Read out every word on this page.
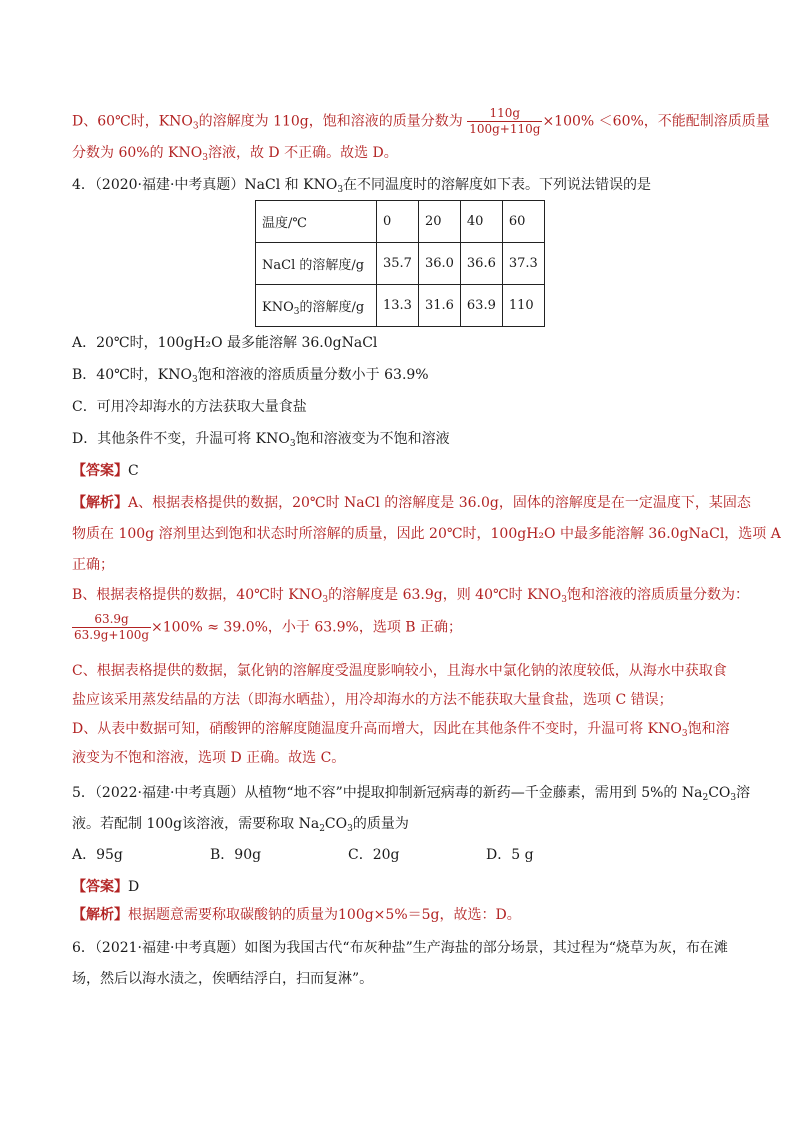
D、60℃时，$KNO_3$的溶解度为 110g，饱和溶液的质量分数为 $\frac{110g}{100g+110g} \times 100\% <60\%$，不能配制溶质质量
分数为 60%的 $KNO_3$溶液，故 D 不正确。故选 D。
4．（2020·福建·中考真题）NaCl 和 $KNO_3$在不同温度时的溶解度如下表。下列说法错误的是
温度/℃	0	20	40	60
NaCl 的溶解度/g	35.7	36.0	36.6	37.3
$KNO_3$的溶解度/g	13.3	31.6	63.9	110
A．20℃时，100gH₂O 最多能溶解 36.0gNaCl
B．40℃时，$KNO_3$饱和溶液的溶质质量分数小于 63.9%
C．可用冷却海水的方法获取大量食盐
D．其他条件不变，升温可将 $KNO_3$饱和溶液变为不饱和溶液
【答案】C
【解析】A、根据表格提供的数据，20℃时 NaCl 的溶解度是 36.0g，固体的溶解度是在一定温度下，某固态
物质在 100g 溶剂里达到饱和状态时所溶解的质量，因此 20℃时，100gH₂O 中最多能溶解 36.0gNaCl，选项 A
正确；
B、根据表格提供的数据，40℃时 $KNO_3$的溶解度是 63.9g，则 40℃时 $KNO_3$饱和溶液的溶质质量分数为：
$\frac{63.9g}{63.9g+100g} \times 100\% \approx 39.0\%$，小于 63.9%，选项 B 正确；
C、根据表格提供的数据，氯化钠的溶解度受温度影响较小，且海水中氯化钠的浓度较低，从海水中获取食
盐应该采用蒸发结晶的方法（即海水晒盐），用冷却海水的方法不能获取大量食盐，选项 C 错误；
D、从表中数据可知，硝酸钾的溶解度随温度升高而增大，因此在其他条件不变时，升温可将 $KNO_3$饱和溶
液变为不饱和溶液，选项 D 正确。故选 C。
5．（2022·福建·中考真题）从植物“地不容”中提取抑制新冠病毒的新药—千金藤素，需用到 5%的 $Na_2CO_3$溶
液。若配制 100g该溶液，需要称取 $Na_2CO_3$的质量为
A．95g	B．90g	C．20g	D．5 g
【答案】D
【解析】根据题意需要称取碳酸钠的质量为100g×5%＝5g，故选：D。
6．（2021·福建·中考真题）如图为我国古代“布灰种盐”生产海盐的部分场景，其过程为“烧草为灰，布在滩
场，然后以海水渍之，俟晒结浮白，扫而复淋”。
